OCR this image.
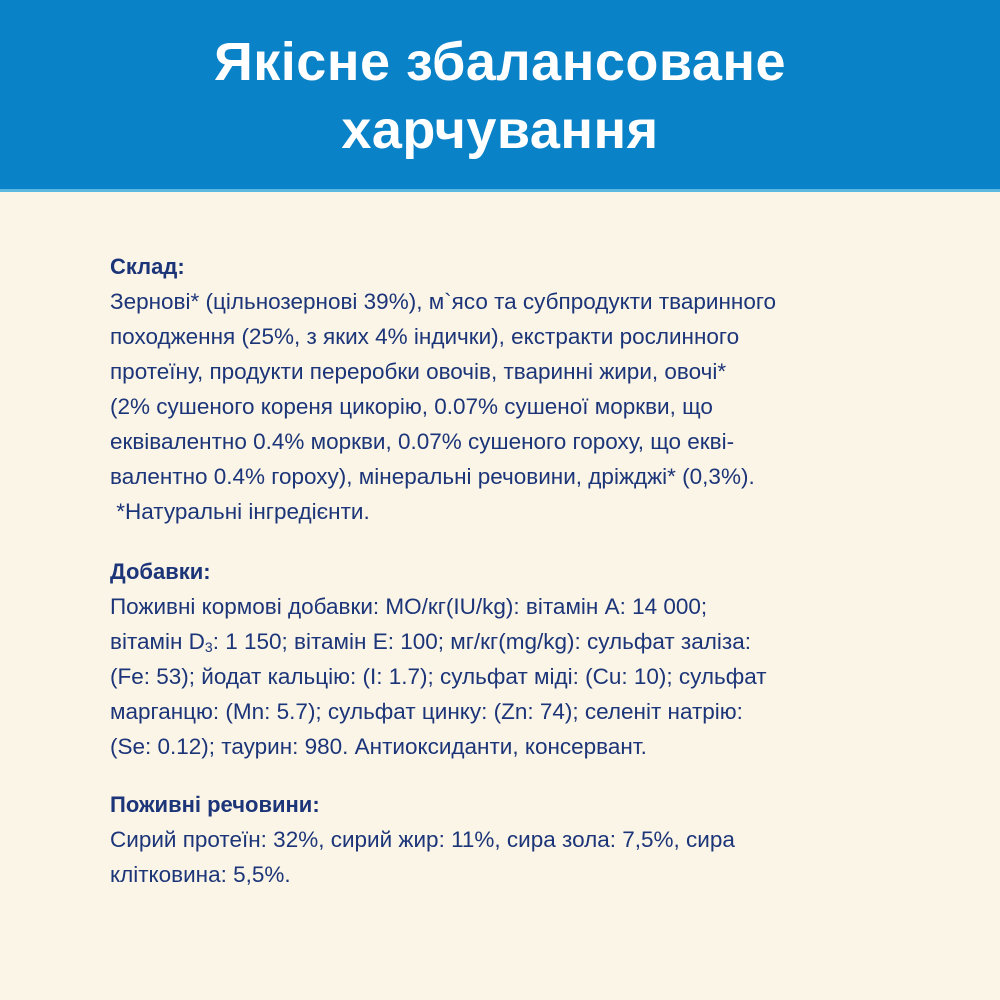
Якісне збалансоване
харчування
Склад:
Зернові* (цільнозернові 39%), м`ясо та субпродукти тваринного
походження (25%, з яких 4% індички), екстракти рослинного
протеїну, продукти переробки овочів, тваринні жири, овочі*
(2% сушеного кореня цикорію, 0.07% сушеної моркви, що
еквівалентно 0.4% моркви, 0.07% сушеного гороху, що екві-
валентно 0.4% гороху), мінеральні речовини, дріжджі* (0,3%).
*Натуральні інгредієнти.
Добавки:
Поживні кормові добавки: МО/кг(IU/kg): вітамін А: 14 000;
вітамін $D_3$: 1 150; вітамін Е: 100; мг/кг(mg/kg): сульфат заліза:
(Fe: 53); йодат кальцію: (I: 1.7); сульфат міді: (Cu: 10); сульфат
марганцю: (Mn: 5.7); сульфат цинку: (Zn: 74); селеніт натрію:
(Se: 0.12); таурин: 980. Антиоксиданти, консервант.
Поживні речовини:
Сирий протеїн: 32%, сирий жир: 11%, сира зола: 7,5%, сира
клітковина: 5,5%.
